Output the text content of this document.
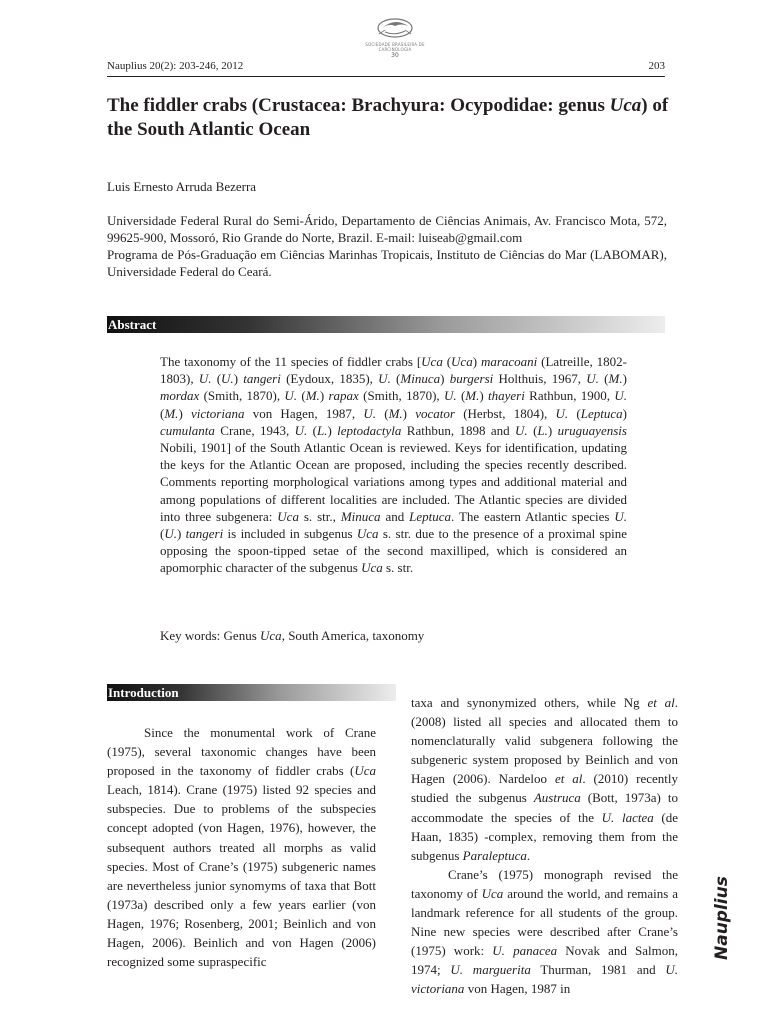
SOCIEDADE BRASILEIRA DE CARCINOLOGIA
30
Nauplius 20(2): 203-246, 2012	203
The fiddler crabs (Crustacea: Brachyura: Ocypodidae: genus Uca) of the South Atlantic Ocean
Luis Ernesto Arruda Bezerra

Universidade Federal Rural do Semi-Árido, Departamento de Ciências Animais, Av. Francisco Mota, 572, 99625-900, Mossoró, Rio Grande do Norte, Brazil. E-mail: luiseab@gmail.com

Programa de Pós-Graduação em Ciências Marinhas Tropicais, Instituto de Ciências do Mar (LABOMAR), Universidade Federal do Ceará.

Abstract

The taxonomy of the 11 species of fiddler crabs [Uca (Uca) maracoani (Latreille, 1802-1803), U. (U.) tangeri (Eydoux, 1835), U. (Minuca) burgersi Holthuis, 1967, U. (M.) mordax (Smith, 1870), U. (M.) rapax (Smith, 1870), U. (M.) thayeri Rathbun, 1900, U. (M.) victoriana von Hagen, 1987, U. (M.) vocator (Herbst, 1804), U. (Leptuca) cumulanta Crane, 1943, U. (L.) leptodactyla Rathbun, 1898 and U. (L.) uruguayensis Nobili, 1901] of the South Atlantic Ocean is reviewed. Keys for identification, updating the keys for the Atlantic Ocean are proposed, including the species recently described. Comments reporting morphological variations among types and additional material and among populations of different localities are included. The Atlantic species are divided into three subgenera: Uca s. str., Minuca and Leptuca. The eastern Atlantic species U. (U.) tangeri is included in subgenus Uca s. str. due to the presence of a proximal spine opposing the spoon-tipped setae of the second maxilliped, which is considered an apomorphic character of the subgenus Uca s. str.

Key words: Genus Uca, South America, taxonomy

Introduction

Since the monumental work of Crane (1975), several taxonomic changes have been proposed in the taxonomy of fiddler crabs (Uca Leach, 1814). Crane (1975) listed 92 species and subspecies. Due to problems of the subspecies concept adopted (von Hagen, 1976), however, the subsequent authors treated all morphs as valid species. Most of Crane’s (1975) subgeneric names are nevertheless junior synomyms of taxa that Bott (1973a) described only a few years earlier (von Hagen, 1976; Rosenberg, 2001; Beinlich and von Hagen, 2006). Beinlich and von Hagen (2006) recognized some supraspecific

taxa and synonymized others, while Ng et al. (2008) listed all species and allocated them to nomenclaturally valid subgenera following the subgeneric system proposed by Beinlich and von Hagen (2006). Nardeloo et al. (2010) recently studied the subgenus Austruca (Bott, 1973a) to accommodate the species of the U. lactea (de Haan, 1835) -complex, removing them from the subgenus Paraleptuca.

Crane’s (1975) monograph revised the taxonomy of Uca around the world, and remains a landmark reference for all students of the group. Nine new species were described after Crane’s (1975) work: U. panacea Novak and Salmon, 1974; U. marguerita Thurman, 1981 and U. victoriana von Hagen, 1987 in

Nauplius
